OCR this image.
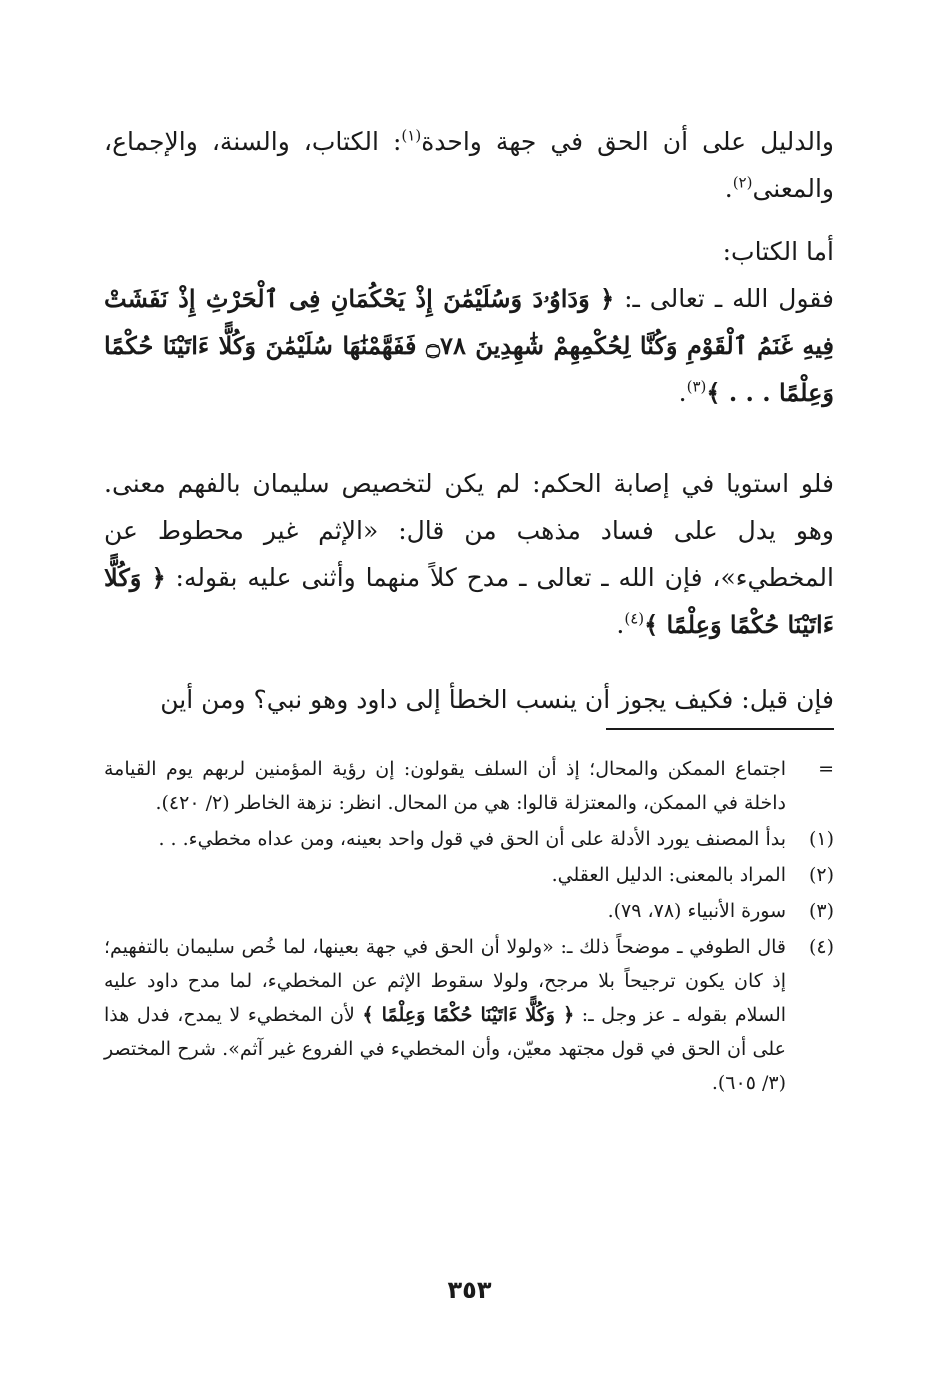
والدليل على أن الحق في جهة واحدة$^{(١)}$: الكتاب، والسنة، والإجماع، والمعنى$^{(٢)}$.

أما الكتاب:

فقول الله ـ تعالى ـ: ﴿ وَدَاوُۥدَ وَسُلَيْمَٰنَ إِذْ يَحْكُمَانِ فِى ٱلْحَرْثِ إِذْ نَفَشَتْ فِيهِ غَنَمُ ٱلْقَوْمِ وَكُنَّا لِحُكْمِهِمْ شَٰهِدِينَ ۝٧٨ فَفَهَّمْنَٰهَا سُلَيْمَٰنَ وَكُلًّا ءَاتَيْنَا حُكْمًا وَعِلْمًا . . . ﴾$^{(٣)}$.

فلو استويا في إصابة الحكم: لم يكن لتخصيص سليمان بالفهم معنى. وهو يدل على فساد مذهب من قال: «الإثم غير محطوط عن المخطيء»، فإن الله ـ تعالى ـ مدح كلاً منهما وأثنى عليه بقوله: ﴿ وَكُلًّا ءَاتَيْنَا حُكْمًا وَعِلْمًا ﴾$^{(٤)}$.

فإن قيل: فكيف يجوز أن ينسب الخطأ إلى داود وهو نبي؟ ومن أين

=
اجتماع الممكن والمحال؛ إذ أن السلف يقولون: إن رؤية المؤمنين لربهم يوم القيامة داخلة في الممكن، والمعتزلة قالوا: هي من المحال. انظر: نزهة الخاطر (٢/ ٤٢٠).
(١)
بدأ المصنف يورد الأدلة على أن الحق في قول واحد بعينه، ومن عداه مخطيء. . .
(٢)
المراد بالمعنى: الدليل العقلي.
(٣)
سورة الأنبياء (٧٨، ٧٩).
(٤)
قال الطوفي ـ موضحاً ذلك ـ: «ولولا أن الحق في جهة بعينها، لما خُص سليمان بالتفهيم؛ إذ كان يكون ترجيحاً بلا مرجح، ولولا سقوط الإثم عن المخطيء، لما مدح داود عليه السلام بقوله ـ عز وجل ـ: ﴿ وَكُلًّا ءَاتَيْنَا حُكْمًا وَعِلْمًا ﴾ لأن المخطيء لا يمدح، فدل هذا على أن الحق في قول مجتهد معيّن، وأن المخطيء في الفروع غير آثم». شرح المختصر (٣/ ٦٠٥).
٣٥٣
